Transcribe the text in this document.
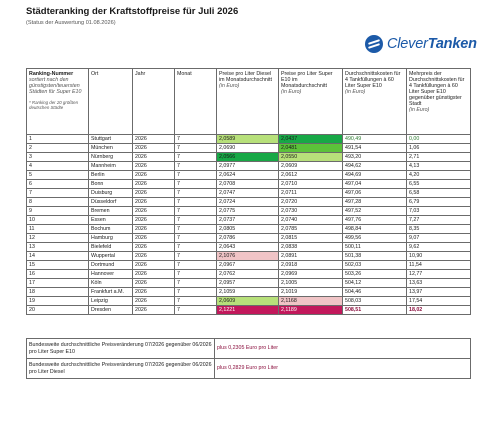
Städteranking der Kraftstoffpreise für Juli 2026
(Status der Auswertung 01.08.2026)
CleverTanken
Ranking-Nummer
sortiert nach den günstigsten/teuersten Städten für Super E10
* Ranking der 20 größten deutschen Städte	Ort	Jahr	Monat	Preise pro Liter Diesel im Monatsdurchschnitt
(in Euro)	Preise pro Liter Super E10 im Monatsdurchschnitt
(in Euro)	Durchschnittskosten für 4 Tankfüllungen à 60 Liter Super E10
(in Euro)	Mehrpreis der Durchschnittskosten für 4 Tankfüllungen à 60 Liter Super E10 gegenüber günstigster Stadt
(in Euro)
1	Stuttgart	2026	7	2,0589	2,0437	490,49	0,00
2	München	2026	7	2,0690	2,0481	491,54	1,06
3	Nürnberg	2026	7	2,0566	2,0550	493,20	2,71
4	Mannheim	2026	7	2,0977	2,0609	494,62	4,13
5	Berlin	2026	7	2,0624	2,0612	494,69	4,20
6	Bonn	2026	7	2,0708	2,0710	497,04	6,55
7	Duisburg	2026	7	2,0747	2,0711	497,06	6,58
8	Düsseldorf	2026	7	2,0724	2,0720	497,28	6,79
9	Bremen	2026	7	2,0775	2,0730	497,52	7,03
10	Essen	2026	7	2,0737	2,0740	497,76	7,27
11	Bochum	2026	7	2,0805	2,0785	498,84	8,35
12	Hamburg	2026	7	2,0786	2,0815	499,56	9,07
13	Bielefeld	2026	7	2,0643	2,0838	500,11	9,62
14	Wuppertal	2026	7	2,1076	2,0891	501,38	10,90
15	Dortmund	2026	7	2,0967	2,0918	502,03	11,54
16	Hannover	2026	7	2,0762	2,0969	503,26	12,77
17	Köln	2026	7	2,0957	2,1005	504,12	13,63
18	Frankfurt a.M.	2026	7	2,1059	2,1019	504,46	13,97
19	Leipzig	2026	7	2,0609	2,1168	508,03	17,54
20	Dresden	2026	7	2,1221	2,1189	508,51	18,02
Bundesweite durchschnittliche Preisveränderung 07/2026 gegenüber 06/2026 pro Liter Super E10	plus 0,2305 Euro pro Liter
Bundesweite durchschnittliche Preisveränderung 07/2026 gegenüber 06/2026 pro Liter Diesel	plus 0,2829 Euro pro Liter
